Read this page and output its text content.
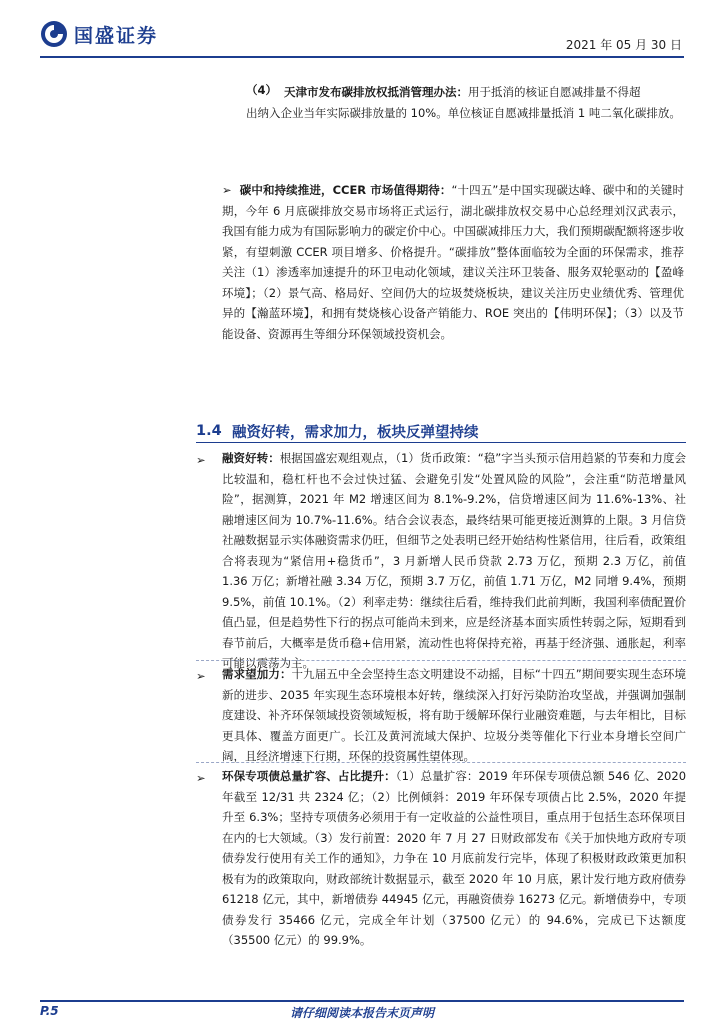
国盛证券	2021 年 05 月 30 日
（4） 天津市发布碳排放权抵消管理办法：用于抵消的核证自愿减排量不得超

出纳入企业当年实际碳排放量的 10%。单位核证自愿减排量抵消 1 吨二氧化碳排放。
➢ 碳中和持续推进，CCER 市场值得期待：“十四五”是中国实现碳达峰、碳中和的关键时期，今年 6 月底碳排放交易市场将正式运行，湖北碳排放权交易中心总经理刘汉武表示，我国有能力成为有国际影响力的碳定价中心。中国碳减排压力大，我们预期碳配额将逐步收紧，有望刺激 CCER 项目增多、价格提升。“碳排放”整体面临较为全面的环保需求，推荐关注（1）渗透率加速提升的环卫电动化领域，建议关注环卫装备、服务双轮驱动的【盈峰环境】；（2）景气高、格局好、空间仍大的垃圾焚烧板块，建议关注历史业绩优秀、管理优异的【瀚蓝环境】，和拥有焚烧核心设备产销能力、ROE 突出的【伟明环保】；（3）以及节能设备、资源再生等细分环保领域投资机会。
1.4 融资好转，需求加力，板块反弹望持续
➢ 融资好转：根据国盛宏观组观点，（1）货币政策：“稳”字当头预示信用趋紧的节奏和力度会比较温和，稳杠杆也不会过快过猛、会避免引发“处置风险的风险”，会注重“防范增量风险”，据测算，2021 年 M2 增速区间为 8.1%-9.2%，信贷增速区间为 11.6%-13%、社融增速区间为 10.7%-11.6%。结合会议表态，最终结果可能更接近测算的上限。3 月信贷社融数据显示实体融资需求仍旺，但细节之处表明已经开始结构性紧信用，往后看，政策组合将表现为“紧信用+稳货币”，3 月新增人民币贷款 2.73 万亿，预期 2.3 万亿，前值 1.36 万亿；新增社融 3.34 万亿，预期 3.7 万亿，前值 1.71 万亿，M2 同增 9.4%，预期 9.5%，前值 10.1%。（2）利率走势：继续往后看，维持我们此前判断，我国利率债配置价值凸显，但是趋势性下行的拐点可能尚未到来，应是经济基本面实质性转弱之际，短期看到春节前后，大概率是货币稳+信用紧，流动性也将保持充裕，再基于经济强、通胀起，利率可能以震荡为主。
➢ 需求望加力：十九届五中全会坚持生态文明建设不动摇，目标“十四五”期间要实现生态环境新的进步、2035 年实现生态环境根本好转，继续深入打好污染防治攻坚战，并强调加强制度建设、补齐环保领域投资领域短板，将有助于缓解环保行业融资难题，与去年相比，目标更具体、覆盖方面更广。长江及黄河流域大保护、垃圾分类等催化下行业本身增长空间广阔，且经济增速下行期，环保的投资属性望体现。
➢ 环保专项债总量扩容、占比提升：（1）总量扩容：2019 年环保专项债总额 546 亿、2020 年截至 12/31 共 2324 亿；（2）比例倾斜：2019 年环保专项债占比 2.5%，2020 年提升至 6.3%；坚持专项债务必须用于有一定收益的公益性项目，重点用于包括生态环保项目在内的七大领域。（3）发行前置：2020 年 7 月 27 日财政部发布《关于加快地方政府专项债券发行使用有关工作的通知》，力争在 10 月底前发行完毕，体现了积极财政政策更加积极有为的政策取向，财政部统计数据显示，截至 2020 年 10 月底，累计发行地方政府债券 61218 亿元，其中，新增债券 44945 亿元，再融资债券 16273 亿元。新增债券中，专项债券发行 35466 亿元，完成全年计划（37500 亿元）的 94.6%，完成已下达额度（35500 亿元）的 99.9%。
P.5	请仔细阅读本报告末页声明
